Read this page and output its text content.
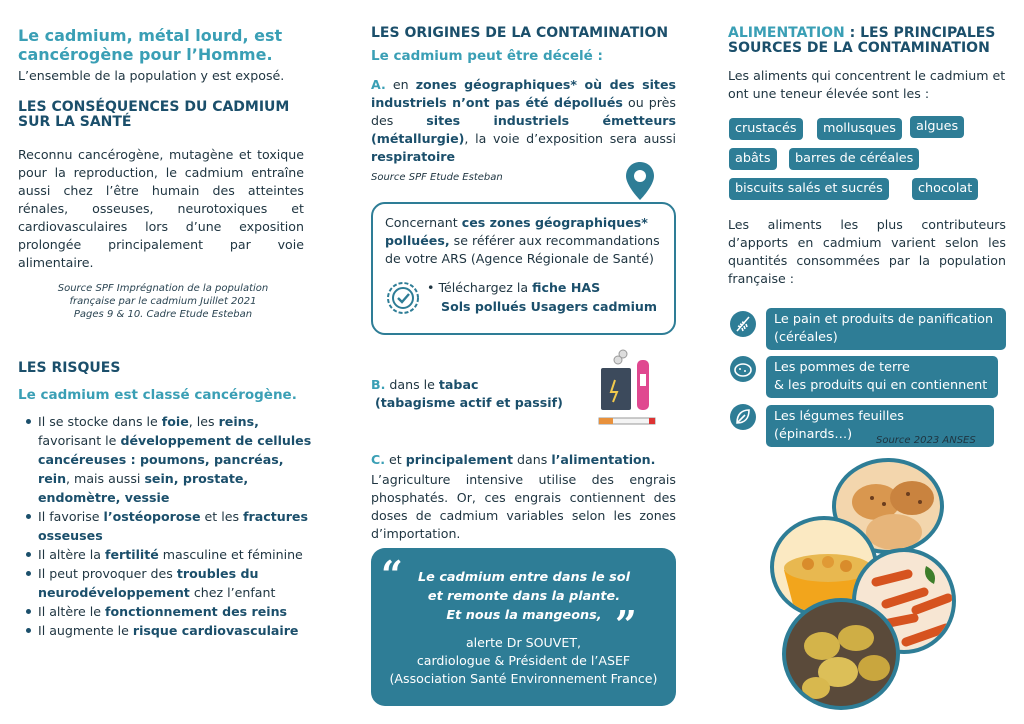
Le cadmium, métal lourd, est
cancérogène pour l’Homme.
L’ensemble de la population y est exposé.
LES CONSÉQUENCES DU CADMIUM
SUR LA SANTÉ
Reconnu cancérogène, mutagène et toxique pour la reproduction, le cadmium entraîne aussi chez l’être humain des atteintes rénales, osseuses, neurotoxiques et cardiovasculaires lors d’une exposition prolongée principalement par voie alimentaire.
Source SPF Imprégnation de la population
française par le cadmium Juillet 2021
Pages 9 & 10. Cadre Etude Esteban
LES RISQUES
Le cadmium est classé cancérogène.
Il se stocke dans le foie, les reins, favorisant le développement de cellules cancéreuses : poumons, pancréas, rein, mais aussi sein, prostate, endomètre, vessie
Il favorise l’ostéoporose et les fractures osseuses
Il altère la fertilité masculine et féminine
Il peut provoquer des troubles du neurodéveloppement chez l’enfant
Il altère le fonctionnement des reins
Il augmente le risque cardiovasculaire
LES ORIGINES DE LA CONTAMINATION
Le cadmium peut être décelé :
A. en zones géographiques* où des sites industriels n’ont pas été dépollués ou près des sites industriels émetteurs (métallurgie), la voie d’exposition sera aussi respiratoire
Source SPF Etude Esteban
Concernant ces zones géographiques* polluées, se référer aux recommandations de votre ARS (Agence Régionale de Santé)
• Téléchargez la fiche HAS
Sols pollués Usagers cadmium
B. dans le tabac
(tabagisme actif et passif)
C. et principalement dans l’alimentation.
L’agriculture intensive utilise des engrais phosphatés. Or, ces engrais contiennent des doses de cadmium variables selon les zones d’importation.
“	Le cadmium entre dans le sol
et remonte dans la plante.
Et nous la mangeons, ”
alerte Dr SOUVET,
cardiologue & Président de l’ASEF
(Association Santé Environnement France)
ALIMENTATION : LES PRINCIPALES
SOURCES DE LA CONTAMINATION
Les aliments qui concentrent le cadmium et ont une teneur élevée sont les :
crustacés	mollusques	algues
abâts	barres de céréales
biscuits salés et sucrés	chocolat
Les aliments les plus contributeurs d’apports en cadmium varient selon les quantités consommées par la population française :
Le pain et produits de panification
(céréales)
Les pommes de terre
& les produits qui en contiennent
Les légumes feuilles (épinards…)	Source 2023 ANSES
